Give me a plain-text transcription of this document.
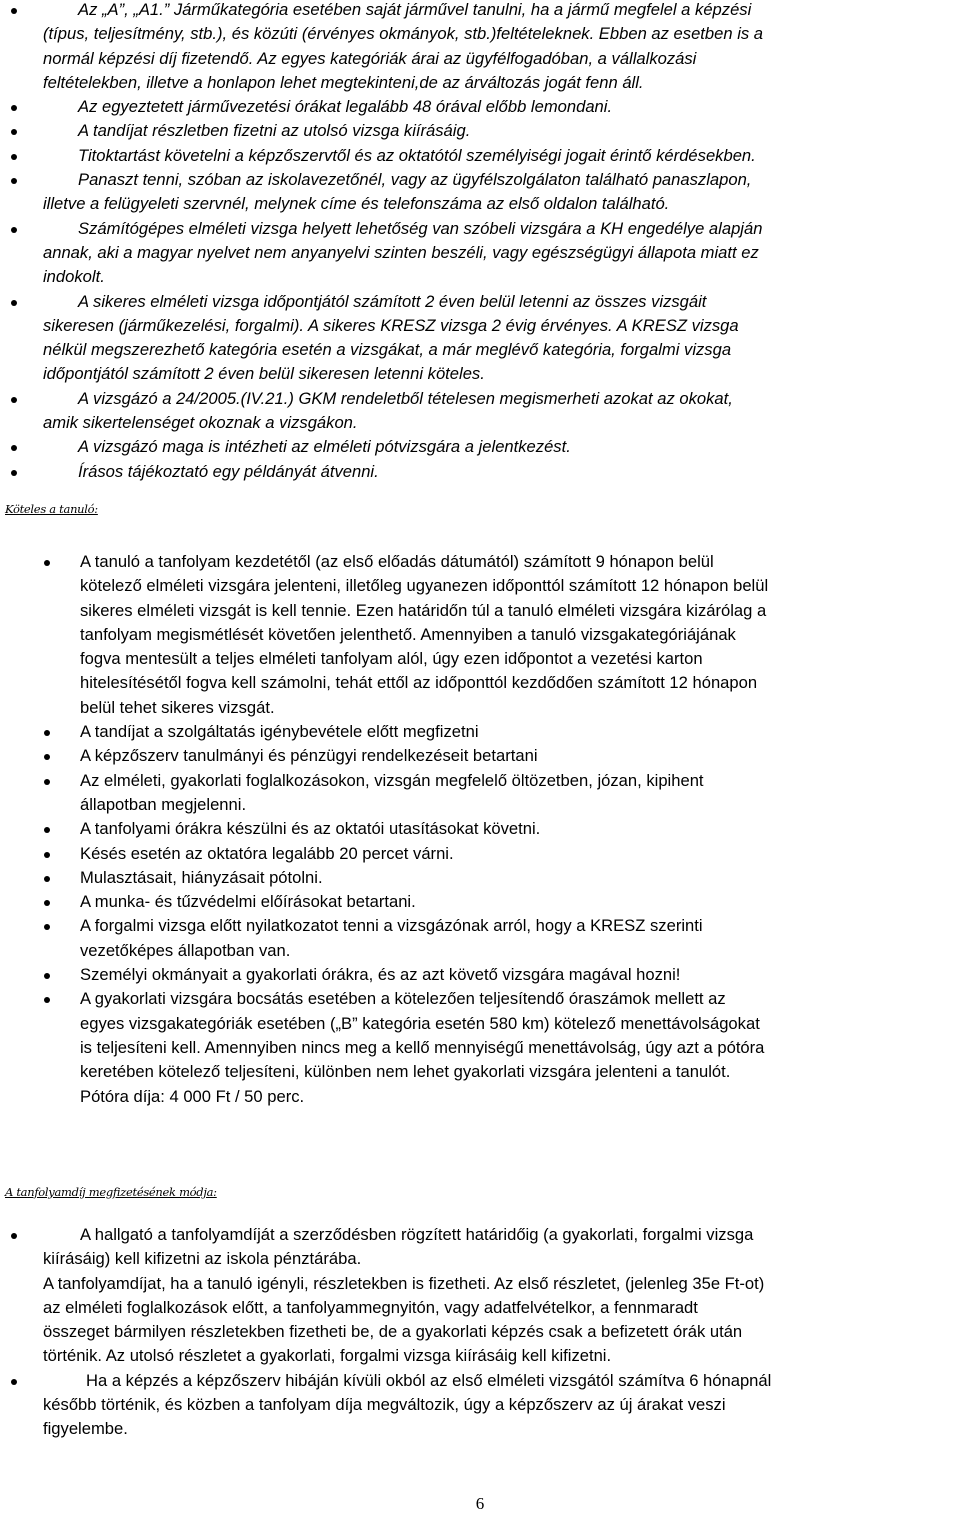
Az „A”, „A1.” Járműkategória esetében saját járművel tanulni, ha a jármű megfelel a képzési
(típus, teljesítmény, stb.), és közúti (érvényes okmányok, stb.)feltételeknek. Ebben az esetben is a
normál képzési díj fizetendő. Az egyes kategóriák árai az ügyfélfogadóban, a vállalkozási
feltételekben, illetve a honlapon lehet megtekinteni,de az árváltozás jogát fenn áll.
Az egyeztetett járművezetési órákat legalább 48 órával előbb lemondani.
A tandíjat részletben fizetni az utolsó vizsga kiírásáig.
Titoktartást követelni a képzőszervtől és az oktatótól személyiségi jogait érintő kérdésekben.
Panaszt tenni, szóban az iskolavezetőnél, vagy az ügyfélszolgálaton található panaszlapon,
illetve a felügyeleti szervnél, melynek címe és telefonszáma az első oldalon található.
Számítógépes elméleti vizsga helyett lehetőség van szóbeli vizsgára a KH engedélye alapján
annak, aki a magyar nyelvet nem anyanyelvi szinten beszéli, vagy egészségügyi állapota miatt ez
indokolt.
A sikeres elméleti vizsga időpontjától számított 2 éven belül letenni az összes vizsgáit
sikeresen (járműkezelési, forgalmi). A sikeres KRESZ vizsga 2 évig érvényes. A KRESZ vizsga
nélkül megszerezhető kategória esetén a vizsgákat, a már meglévő kategória, forgalmi vizsga
időpontjától számított 2 éven belül sikeresen letenni köteles.
A vizsgázó a 24/2005.(IV.21.) GKM rendeletből tételesen megismerheti azokat az okokat,
amik sikertelenséget okoznak a vizsgákon.
A vizsgázó maga is intézheti az elméleti pótvizsgára a jelentkezést.
Írásos tájékoztató egy példányát átvenni.
Köteles a tanuló:
A tanuló a tanfolyam kezdetétől (az első előadás dátumától) számított 9 hónapon belül
kötelező elméleti vizsgára jelenteni, illetőleg ugyanezen időponttól számított 12 hónapon belül
sikeres elméleti vizsgát is kell tennie. Ezen határidőn túl a tanuló elméleti vizsgára kizárólag a
tanfolyam megismétlését követően jelenthető. Amennyiben a tanuló vizsgakategóriájának
fogva mentesült a teljes elméleti tanfolyam alól, úgy ezen időpontot a vezetési karton
hitelesítésétől fogva kell számolni, tehát ettől az időponttól kezdődően számított 12 hónapon
belül tehet sikeres vizsgát.
A tandíjat a szolgáltatás igénybevétele előtt megfizetni
A képzőszerv tanulmányi és pénzügyi rendelkezéseit betartani
Az elméleti, gyakorlati foglalkozásokon, vizsgán megfelelő öltözetben, józan, kipihent
állapotban megjelenni.
A tanfolyami órákra készülni és az oktatói utasításokat követni.
Késés esetén az oktatóra legalább 20 percet várni.
Mulasztásait, hiányzásait pótolni.
A munka- és tűzvédelmi előírásokat betartani.
A forgalmi vizsga előtt nyilatkozatot tenni a vizsgázónak arról, hogy a KRESZ szerinti
vezetőképes állapotban van.
Személyi okmányait a gyakorlati órákra, és az azt követő vizsgára magával hozni!
A gyakorlati vizsgára bocsátás esetében a kötelezően teljesítendő óraszámok mellett az
egyes vizsgakategóriák esetében („B” kategória esetén 580 km) kötelező menettávolságokat
is teljesíteni kell. Amennyiben nincs meg a kellő mennyiségű menettávolság, úgy azt a pótóra
keretében kötelező teljesíteni, különben nem lehet gyakorlati vizsgára jelenteni a tanulót.
Pótóra díja: 4 000 Ft / 50 perc.
A tanfolyamdíj megfizetésének módja:
A hallgató a tanfolyamdíját a szerződésben rögzített határidőig (a gyakorlati, forgalmi vizsga
kiírásáig) kell kifizetni az iskola pénztárába.
A tanfolyamdíjat, ha a tanuló igényli, részletekben is fizetheti. Az első részletet, (jelenleg 35e Ft-ot)
az elméleti foglalkozások előtt, a tanfolyammegnyitón, vagy adatfelvételkor, a fennmaradt
összeget bármilyen részletekben fizetheti be, de a gyakorlati képzés csak a befizetett órák után
történik. Az utolsó részletet a gyakorlati, forgalmi vizsga kiírásáig kell kifizetni.
Ha a képzés a képzőszerv hibáján kívüli okból az első elméleti vizsgától számítva 6 hónapnál
később történik, és közben a tanfolyam díja megváltozik, úgy a képzőszerv az új árakat veszi
figyelembe.
6
